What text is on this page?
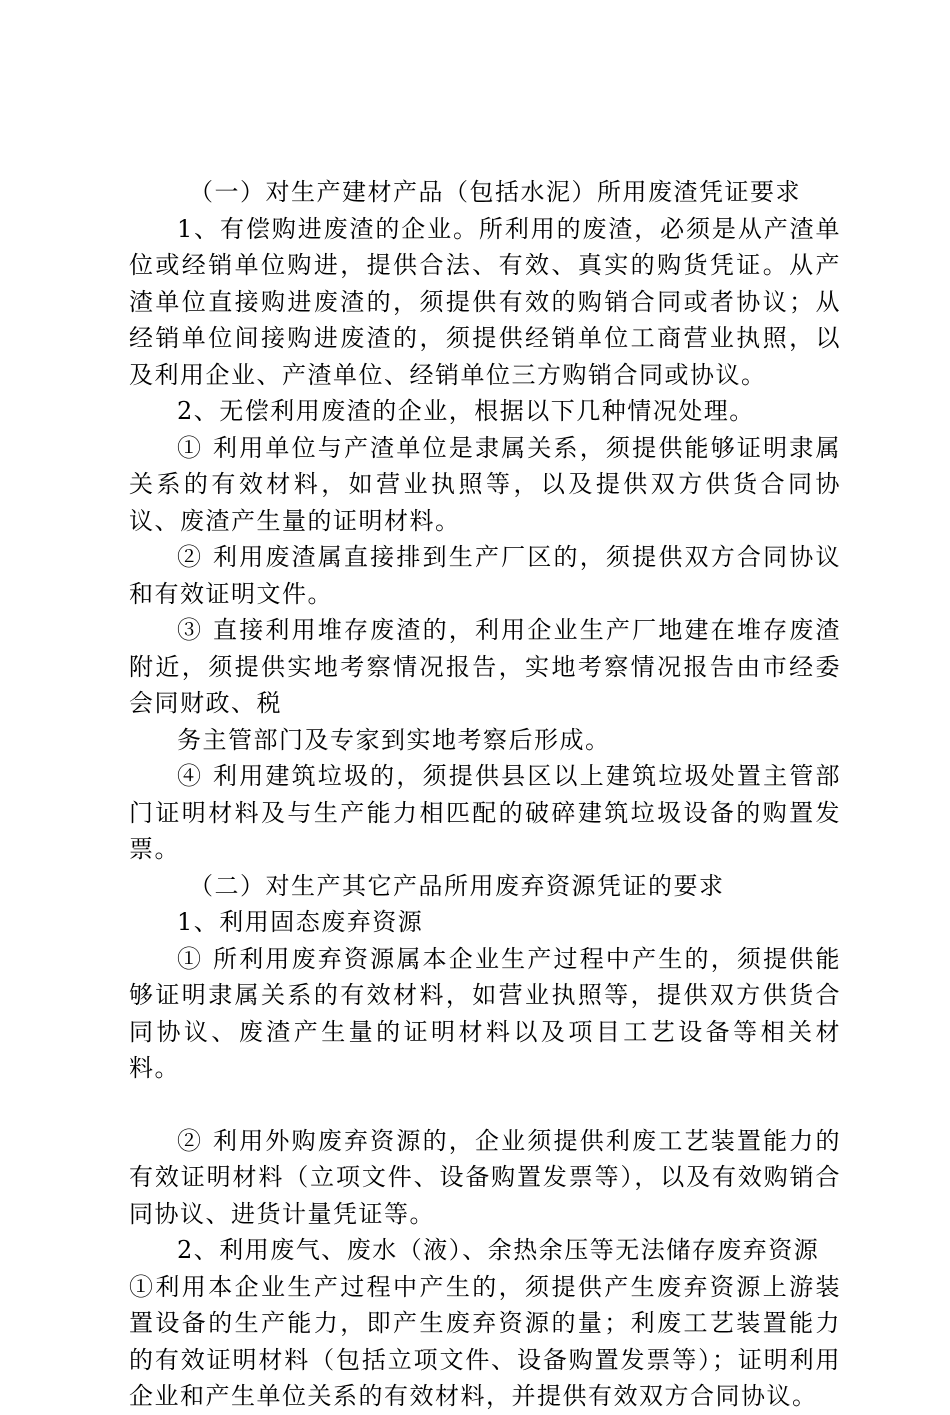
（一）对生产建材产品（包括水泥）所用废渣凭证要求

1、有偿购进废渣的企业。所利用的废渣，必须是从产渣单位或经销单位购进，提供合法、有效、真实的购货凭证。从产渣单位直接购进废渣的，须提供有效的购销合同或者协议；从经销单位间接购进废渣的，须提供经销单位工商营业执照，以及利用企业、产渣单位、经销单位三方购销合同或协议。

2、无偿利用废渣的企业，根据以下几种情况处理。

① 利用单位与产渣单位是隶属关系，须提供能够证明隶属关系的有效材料，如营业执照等，以及提供双方供货合同协议、废渣产生量的证明材料。

② 利用废渣属直接排到生产厂区的，须提供双方合同协议和有效证明文件。

③ 直接利用堆存废渣的，利用企业生产厂地建在堆存废渣附近，须提供实地考察情况报告，实地考察情况报告由市经委会同财政、税

务主管部门及专家到实地考察后形成。

④ 利用建筑垃圾的，须提供县区以上建筑垃圾处置主管部门证明材料及与生产能力相匹配的破碎建筑垃圾设备的购置发票。

（二）对生产其它产品所用废弃资源凭证的要求

1、利用固态废弃资源

① 所利用废弃资源属本企业生产过程中产生的，须提供能够证明隶属关系的有效材料，如营业执照等，提供双方供货合同协议、废渣产生量的证明材料以及项目工艺设备等相关材料。

② 利用外购废弃资源的，企业须提供利废工艺装置能力的有效证明材料（立项文件、设备购置发票等），以及有效购销合同协议、进货计量凭证等。

2、利用废气、废水（液）、余热余压等无法储存废弃资源

①利用本企业生产过程中产生的，须提供产生废弃资源上游装置设备的生产能力，即产生废弃资源的量；利废工艺装置能力的有效证明材料（包括立项文件、设备购置发票等）；证明利用企业和产生单位关系的有效材料，并提供有效双方合同协议。
